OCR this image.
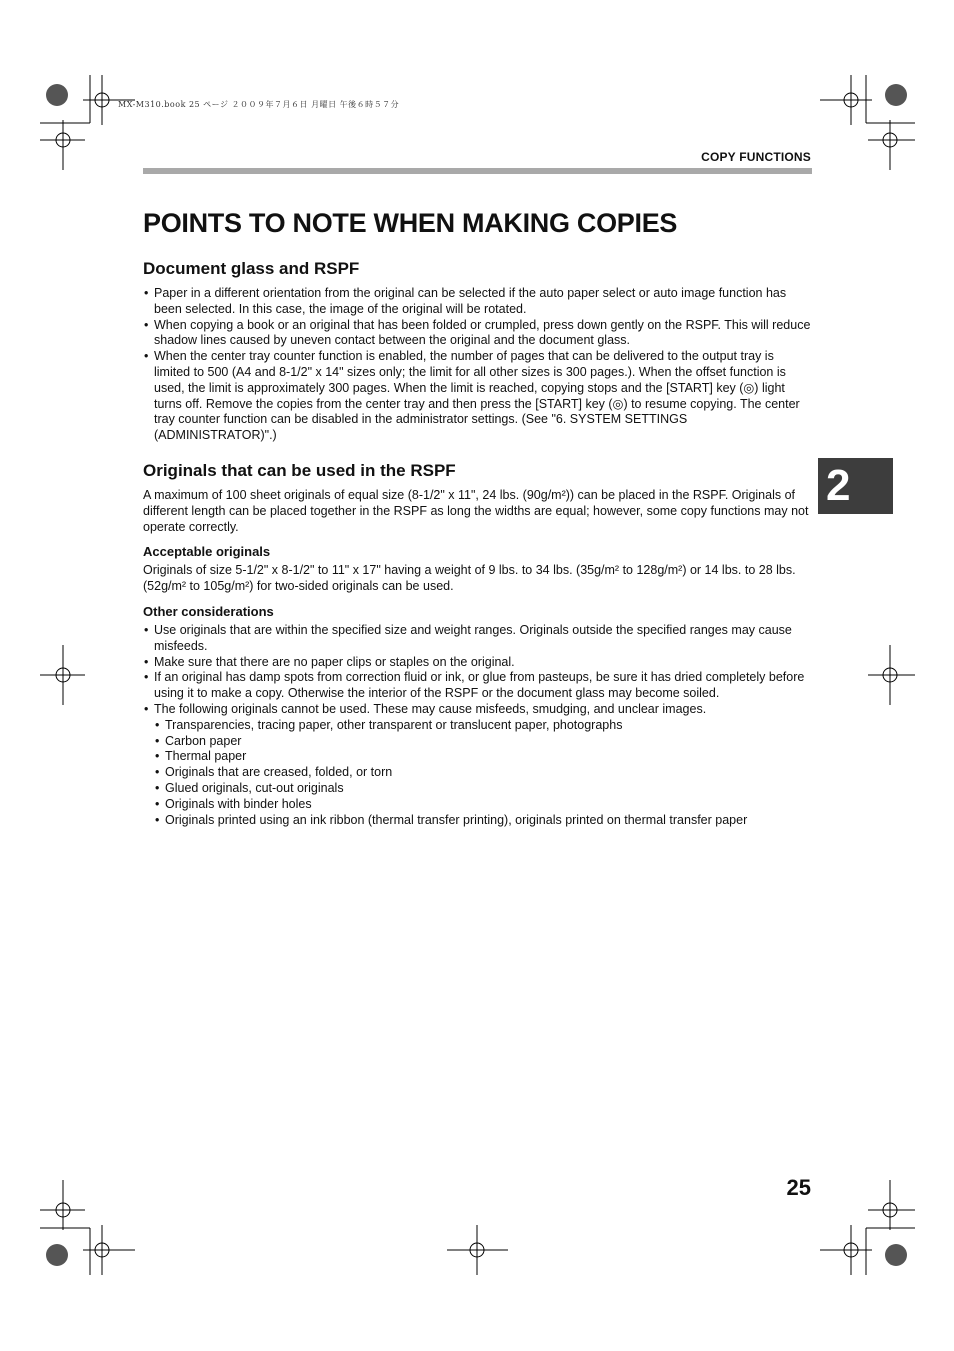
MX-M310.book 25 ページ ２００９年７月６日 月曜日 午後６時５７分
COPY FUNCTIONS
POINTS TO NOTE WHEN MAKING COPIES
Document glass and RSPF
• Paper in a different orientation from the original can be selected if the auto paper select or auto image function has been selected. In this case, the image of the original will be rotated.
• When copying a book or an original that has been folded or crumpled, press down gently on the RSPF. This will reduce shadow lines caused by uneven contact between the original and the document glass.
• When the center tray counter function is enabled, the number of pages that can be delivered to the output tray is limited to 500 (A4 and 8-1/2" x 14" sizes only; the limit for all other sizes is 300 pages.). When the offset function is used, the limit is approximately 300 pages. When the limit is reached, copying stops and the [START] key (◎) light turns off. Remove the copies from the center tray and then press the [START] key (◎) to resume copying. The center tray counter function can be disabled in the administrator settings. (See "6. SYSTEM SETTINGS (ADMINISTRATOR)".)
Originals that can be used in the RSPF

A maximum of 100 sheet originals of equal size (8-1/2" x 11", 24 lbs. (90g/m²)) can be placed in the RSPF. Originals of different length can be placed together in the RSPF as long the widths are equal; however, some copy functions may not operate correctly.

Acceptable originals

Originals of size 5-1/2" x 8-1/2" to 11" x 17" having a weight of 9 lbs. to 34 lbs. (35g/m² to 128g/m²) or 14 lbs. to 28 lbs. (52g/m² to 105g/m²) for two-sided originals can be used.

Other considerations
• Use originals that are within the specified size and weight ranges. Originals outside the specified ranges may cause misfeeds.
• Make sure that there are no paper clips or staples on the original.
• If an original has damp spots from correction fluid or ink, or glue from pasteups, be sure it has dried completely before using it to make a copy. Otherwise the interior of the RSPF or the document glass may become soiled.
• The following originals cannot be used. These may cause misfeeds, smudging, and unclear images.
• Transparencies, tracing paper, other transparent or translucent paper, photographs
• Carbon paper
• Thermal paper
• Originals that are creased, folded, or torn
• Glued originals, cut-out originals
• Originals with binder holes
• Originals printed using an ink ribbon (thermal transfer printing), originals printed on thermal transfer paper
2
25
